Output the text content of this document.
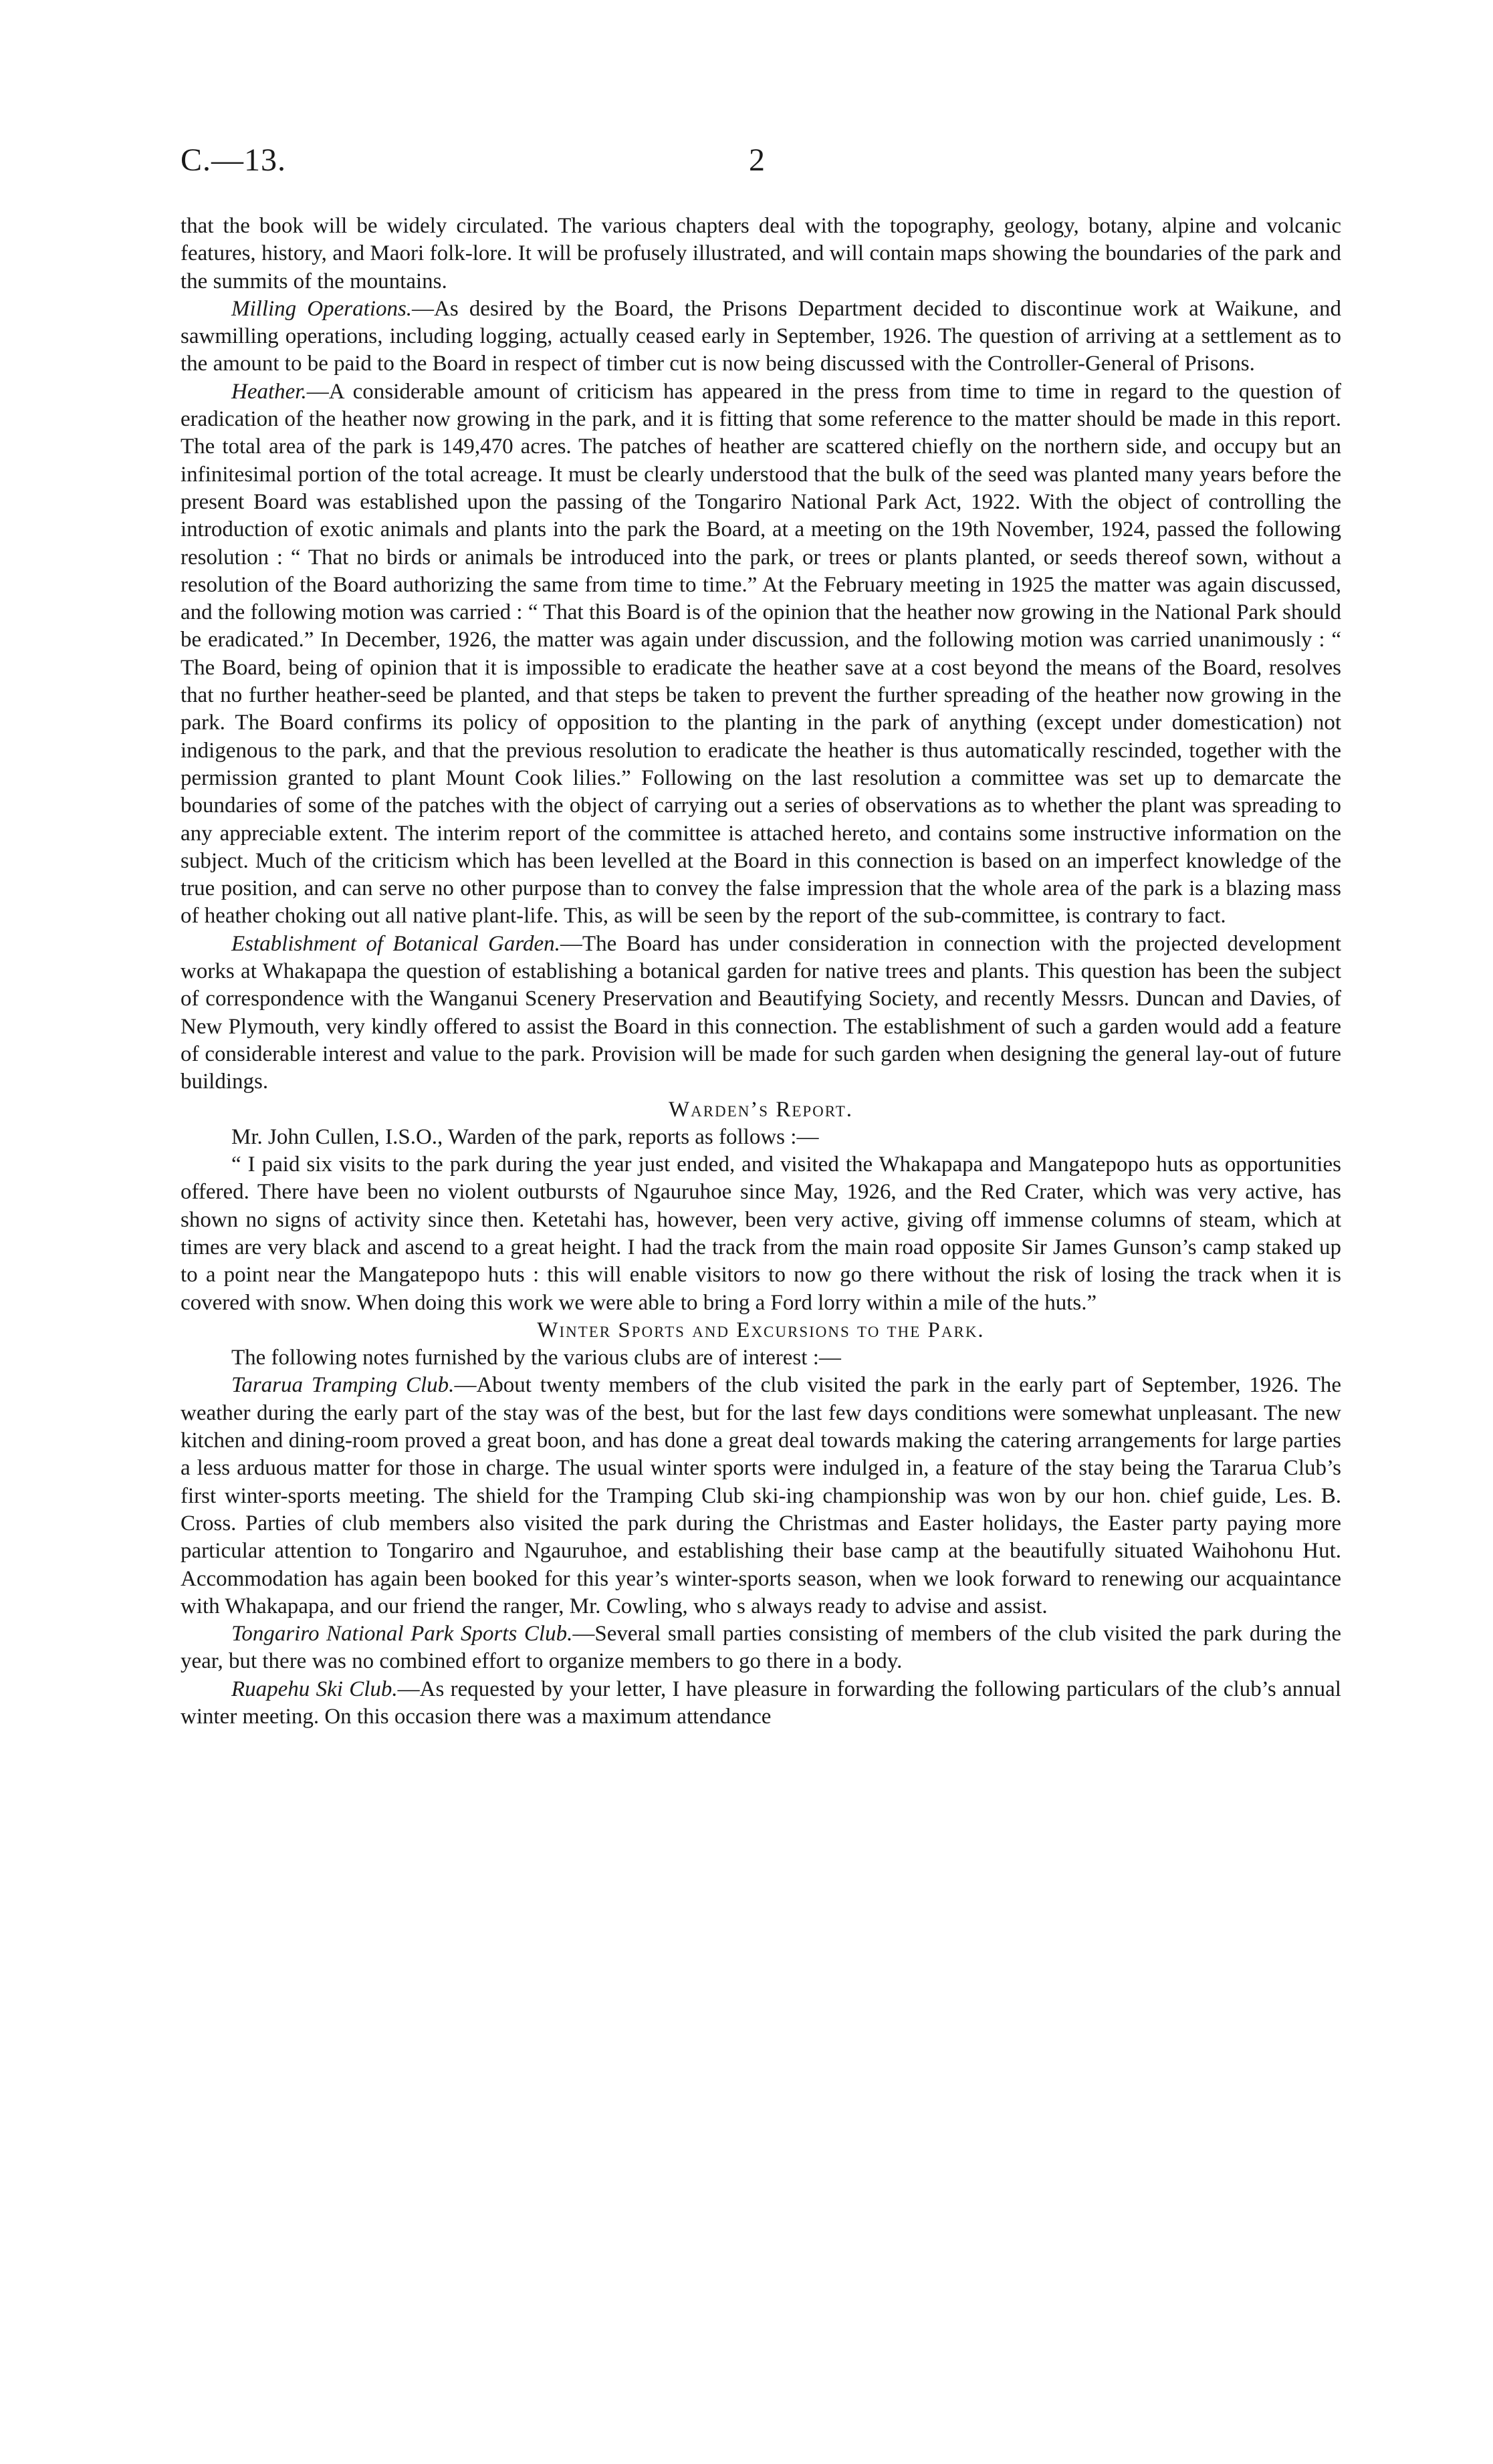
C.—13.	2

that the book will be widely circulated. The various chapters deal with the topography, geology, botany, alpine and volcanic features, history, and Maori folk-lore. It will be profusely illustrated, and will contain maps showing the boundaries of the park and the summits of the mountains.

Milling Operations.—As desired by the Board, the Prisons Department decided to discontinue work at Waikune, and sawmilling operations, including logging, actually ceased early in September, 1926. The question of arriving at a settlement as to the amount to be paid to the Board in respect of timber cut is now being discussed with the Controller-General of Prisons.

Heather.—A considerable amount of criticism has appeared in the press from time to time in regard to the question of eradication of the heather now growing in the park, and it is fitting that some reference to the matter should be made in this report. The total area of the park is 149,470 acres. The patches of heather are scattered chiefly on the northern side, and occupy but an infinitesimal portion of the total acreage. It must be clearly understood that the bulk of the seed was planted many years before the present Board was established upon the passing of the Tongariro National Park Act, 1922. With the object of controlling the introduction of exotic animals and plants into the park the Board, at a meeting on the 19th November, 1924, passed the following resolution : “ That no birds or animals be introduced into the park, or trees or plants planted, or seeds thereof sown, without a resolution of the Board authorizing the same from time to time.” At the February meeting in 1925 the matter was again discussed, and the following motion was carried : “ That this Board is of the opinion that the heather now growing in the National Park should be eradicated.” In December, 1926, the matter was again under discussion, and the following motion was carried unanimously : “ The Board, being of opinion that it is impossible to eradicate the heather save at a cost beyond the means of the Board, resolves that no further heather-seed be planted, and that steps be taken to prevent the further spreading of the heather now growing in the park. The Board confirms its policy of opposition to the planting in the park of anything (except under domestication) not indigenous to the park, and that the previous resolution to eradicate the heather is thus automatically rescinded, together with the permission granted to plant Mount Cook lilies.” Following on the last resolution a committee was set up to demarcate the boundaries of some of the patches with the object of carrying out a series of observations as to whether the plant was spreading to any appreciable extent. The interim report of the committee is attached hereto, and contains some instructive information on the subject. Much of the criticism which has been levelled at the Board in this connection is based on an imperfect knowledge of the true position, and can serve no other purpose than to convey the false impression that the whole area of the park is a blazing mass of heather choking out all native plant-life. This, as will be seen by the report of the sub-committee, is contrary to fact.

Establishment of Botanical Garden.—The Board has under consideration in connection with the projected development works at Whakapapa the question of establishing a botanical garden for native trees and plants. This question has been the subject of correspondence with the Wanganui Scenery Preservation and Beautifying Society, and recently Messrs. Duncan and Davies, of New Plymouth, very kindly offered to assist the Board in this connection. The establishment of such a garden would add a feature of considerable interest and value to the park. Provision will be made for such garden when designing the general lay-out of future buildings.

Warden’s Report.

Mr. John Cullen, I.S.O., Warden of the park, reports as follows :—

“ I paid six visits to the park during the year just ended, and visited the Whakapapa and Mangatepopo huts as opportunities offered. There have been no violent outbursts of Ngauruhoe since May, 1926, and the Red Crater, which was very active, has shown no signs of activity since then. Ketetahi has, however, been very active, giving off immense columns of steam, which at times are very black and ascend to a great height. I had the track from the main road opposite Sir James Gunson’s camp staked up to a point near the Mangatepopo huts : this will enable visitors to now go there without the risk of losing the track when it is covered with snow. When doing this work we were able to bring a Ford lorry within a mile of the huts.”

Winter Sports and Excursions to the Park.

The following notes furnished by the various clubs are of interest :—

Tararua Tramping Club.—About twenty members of the club visited the park in the early part of September, 1926. The weather during the early part of the stay was of the best, but for the last few days conditions were somewhat unpleasant. The new kitchen and dining-room proved a great boon, and has done a great deal towards making the catering arrangements for large parties a less arduous matter for those in charge. The usual winter sports were indulged in, a feature of the stay being the Tararua Club’s first winter-sports meeting. The shield for the Tramping Club ski-ing championship was won by our hon. chief guide, Les. B. Cross. Parties of club members also visited the park during the Christmas and Easter holidays, the Easter party paying more particular attention to Tongariro and Ngauruhoe, and establishing their base camp at the beautifully situated Waihohonu Hut. Accommodation has again been booked for this year’s winter-sports season, when we look forward to renewing our acquaintance with Whakapapa, and our friend the ranger, Mr. Cowling, who s always ready to advise and assist.

Tongariro National Park Sports Club.—Several small parties consisting of members of the club visited the park during the year, but there was no combined effort to organize members to go there in a body.

Ruapehu Ski Club.—As requested by your letter, I have pleasure in forwarding the following particulars of the club’s annual winter meeting. On this occasion there was a maximum attendance
